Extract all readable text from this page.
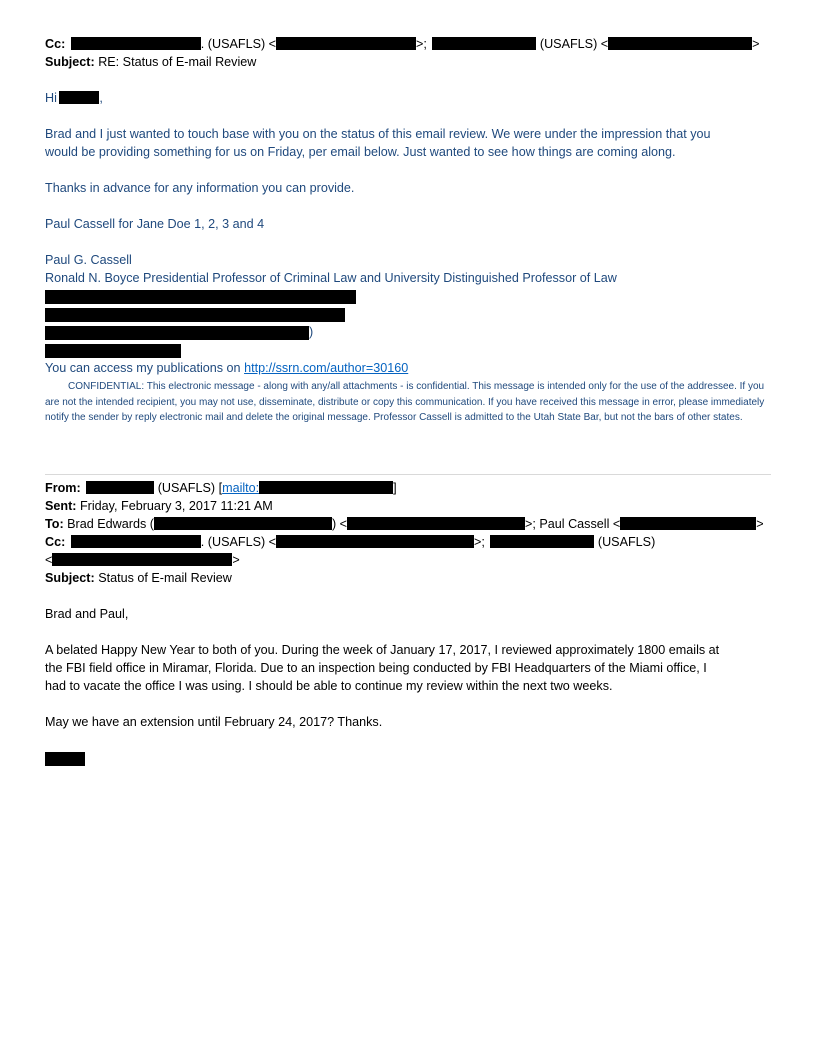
Cc:	. (USAFLS) <	>;	(USAFLS) <	>
Subject: RE: Status of E-mail Review
Hi	,
Brad and I just wanted to touch base with you on the status of this email review. We were under the impression that you
would be providing something for us on Friday, per email below. Just wanted to see how things are coming along.
Thanks in advance for any information you can provide.
Paul Cassell for Jane Doe 1, 2, 3 and 4
Paul G. Cassell
Ronald N. Boyce Presidential Professor of Criminal Law and University Distinguished Professor of Law
)
You can access my publications on http://ssrn.com/author=30160
CONFIDENTIAL: This electronic message - along with any/all attachments - is confidential. This message is intended only for the use of the addressee. If you are not the intended recipient, you may not use, disseminate, distribute or copy this communication. If you have received this message in error, please immediately notify the sender by reply electronic mail and delete the original message. Professor Cassell is admitted to the Utah State Bar, but not the bars of other states.
From:	(USAFLS) [mailto:	]
Sent: Friday, February 3, 2017 11:21 AM
To: Brad Edwards (	) <	>; Paul Cassell <	>
Cc:	. (USAFLS) <	>;	(USAFLS)
<	>
Subject: Status of E-mail Review
Brad and Paul,
A belated Happy New Year to both of you. During the week of January 17, 2017, I reviewed approximately 1800 emails at
the FBI field office in Miramar, Florida. Due to an inspection being conducted by FBI Headquarters of the Miami office, I
had to vacate the office I was using. I should be able to continue my review within the next two weeks.
May we have an extension until February 24, 2017? Thanks.
